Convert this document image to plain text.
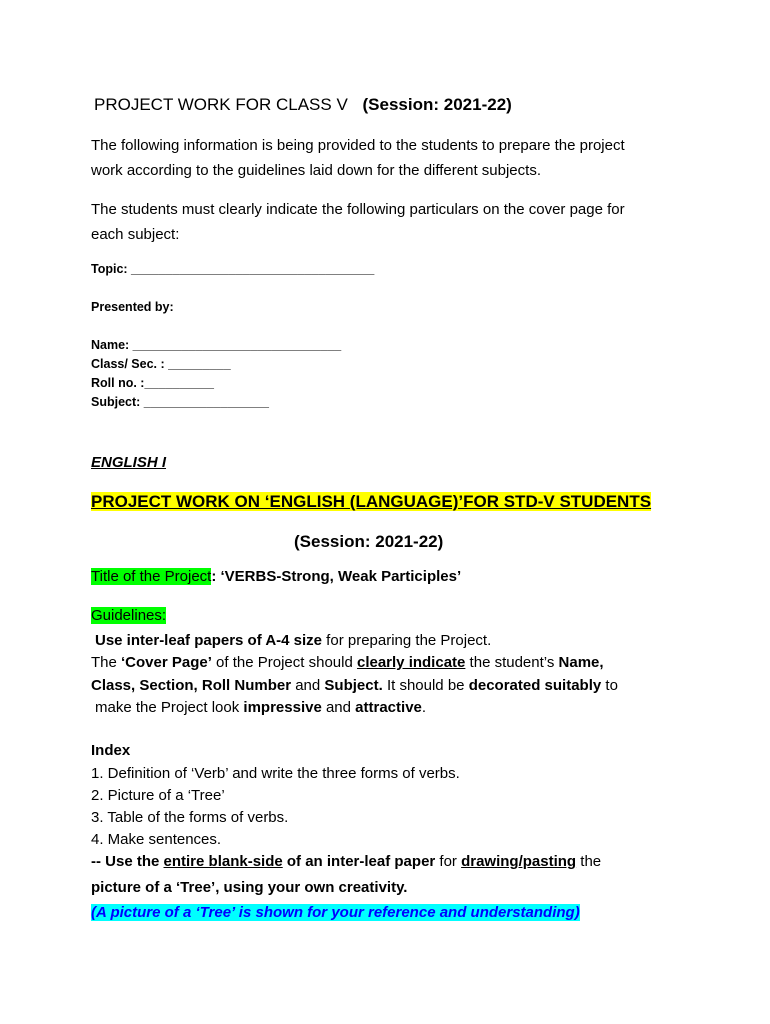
PROJECT WORK FOR CLASS V (Session: 2021-22)
The following information is being provided to the students to prepare the project
work according to the guidelines laid down for the different subjects.
The students must clearly indicate the following particulars on the cover page for
each subject:
Topic: ___________________________________
Presented by:
Name: ______________________________
Class/ Sec. : _________
Roll no. :__________
Subject: __________________
ENGLISH I
PROJECT WORK ON ‘ENGLISH (LANGUAGE)’FOR STD-V STUDENTS
(Session: 2021-22)
Title of the Project: ‘VERBS-Strong, Weak Participles’
Guidelines:
Use inter-leaf papers of A-4 size for preparing the Project.
The ‘Cover Page’ of the Project should clearly indicate the student’s Name,
Class, Section, Roll Number and Subject. It should be decorated suitably to
make the Project look impressive and attractive.
Index
1. Definition of ‘Verb’ and write the three forms of verbs.
2. Picture of a ‘Tree’
3. Table of the forms of verbs.
4. Make sentences.
-- Use the entire blank-side of an inter-leaf paper for drawing/pasting the
picture of a ‘Tree’, using your own creativity.
(A picture of a ‘Tree’ is shown for your reference and understanding)
